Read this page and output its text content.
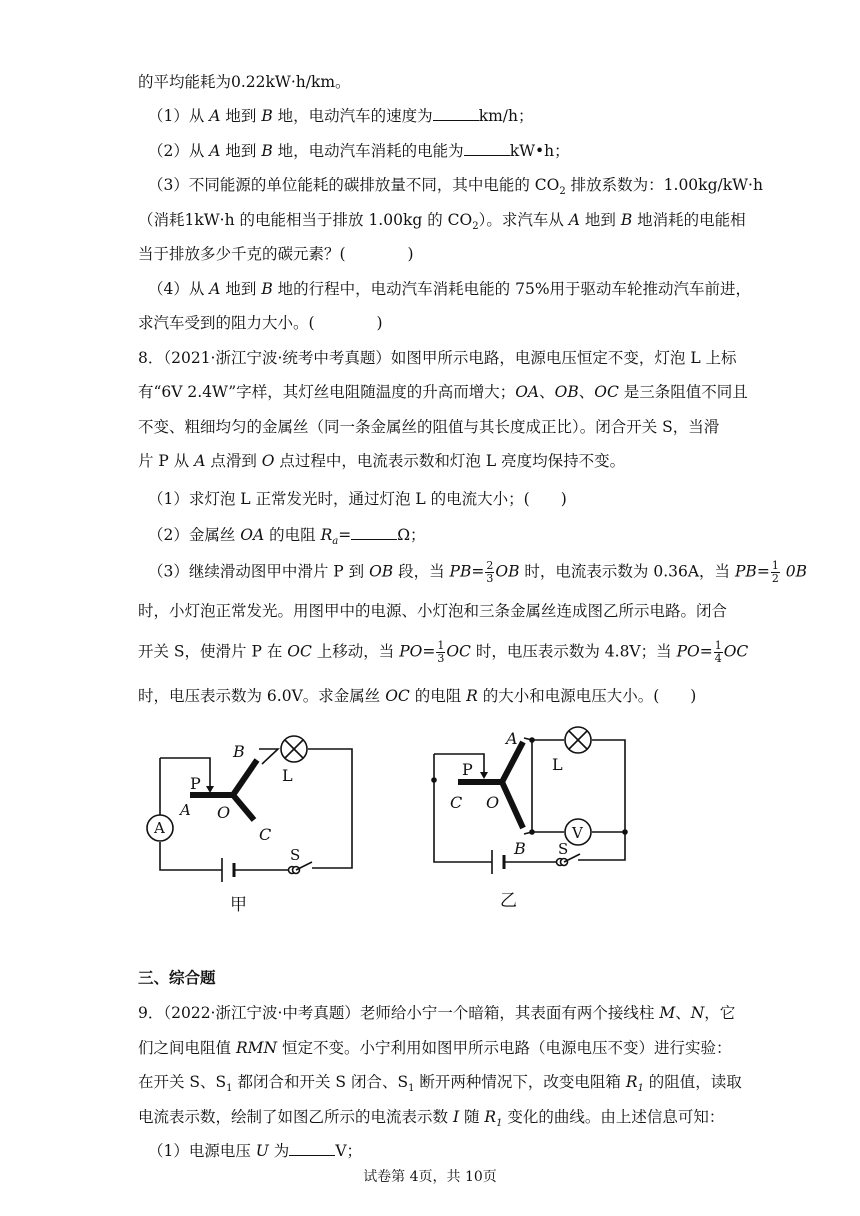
的平均能耗为0.22kW·h/km。
（1）从 A 地到 B 地，电动汽车的速度为	km/h；
（2）从 A 地到 B 地，电动汽车消耗的电能为	kW•h；
（3）不同能源的单位能耗的碳排放量不同，其中电能的 $CO_2$ 排放系数为：1.00kg/kW·h
（消耗1kW·h 的电能相当于排放 1.00kg 的 $CO_2$）。求汽车从 A 地到 B 地消耗的电能相
当于排放多少千克的碳元素？(　　　　)
（4）从 A 地到 B 地的行程中，电动汽车消耗电能的 75%用于驱动车轮推动汽车前进，
求汽车受到的阻力大小。(　　　　)
8．（2021·浙江宁波·统考中考真题）如图甲所示电路，电源电压恒定不变，灯泡 L 上标
有“6V 2.4W”字样，其灯丝电阻随温度的升高而增大；OA、OB、OC 是三条阻值不同且
不变、粗细均匀的金属丝（同一条金属丝的阻值与其长度成正比）。闭合开关 S，当滑
片 P 从 A 点滑到 O 点过程中，电流表示数和灯泡 L 亮度均保持不变。
（1）求灯泡 L 正常发光时，通过灯泡 L 的电流大小；(　　)
（2）金属丝 OA 的电阻 $R_a=$	Ω；
（3）继续滑动图甲中滑片 P 到 OB 段，当 $PB= \frac{2}{3}$ OB 时，电流表示数为 0.36A，当 $PB= \frac{1}{2} 0B$
时，小灯泡正常发光。用图甲中的电源、小灯泡和三条金属丝连成图乙所示电路。闭合
开关 S，使滑片 P 在 OC 上移动，当 $PO= \frac{1}{3}$ OC 时，电压表示数为 4.8V；当 $PO= \frac{1}{4}$ OC
时，电压表示数为 6.0V。求金属丝 OC 的电阻 R 的大小和电源电压大小。(　　)
A
P
A O
B
C
L
S
甲
V
P
C O
A
B
L
S
乙
三、综合题
9．（2022·浙江宁波·中考真题）老师给小宁一个暗箱，其表面有两个接线柱 M、N，它
们之间电阻值 RMN 恒定不变。小宁利用如图甲所示电路（电源电压不变）进行实验：
在开关 S、$S_1$ 都闭合和开关 S 闭合、$S_1$ 断开两种情况下，改变电阻箱 $R_1$ 的阻值，读取
电流表示数，绘制了如图乙所示的电流表示数 I 随 $R_1$ 变化的曲线。由上述信息可知：
（1）电源电压 U 为	V；
试卷第 4页，共 10页
